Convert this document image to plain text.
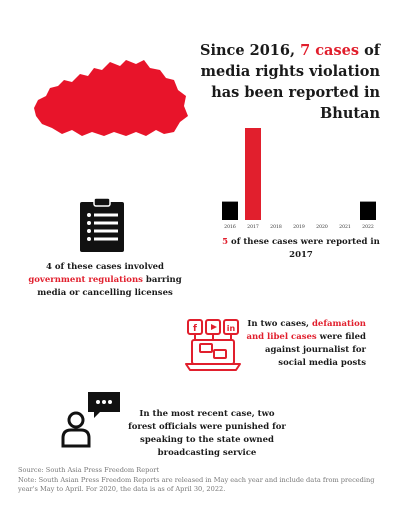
Since 2016, 7 cases of media rights violation has been reported in Bhutan
2016 2017 2018 2019 2020 2021 2022
5 of these cases were reported in 2017
4 of these cases involved
government regulations barring media or cancelling licenses
f	in In two cases, defamation and libel cases were filed against journalist for social media posts
In the most recent case, two forest officials were punished for speaking to the state owned broadcasting service
Source: South Asia Press Freedom Report
Note: South Asian Press Freedom Reports are released in May each year and include data from preceding year's May to April. For 2020, the data is as of April 30, 2022.
